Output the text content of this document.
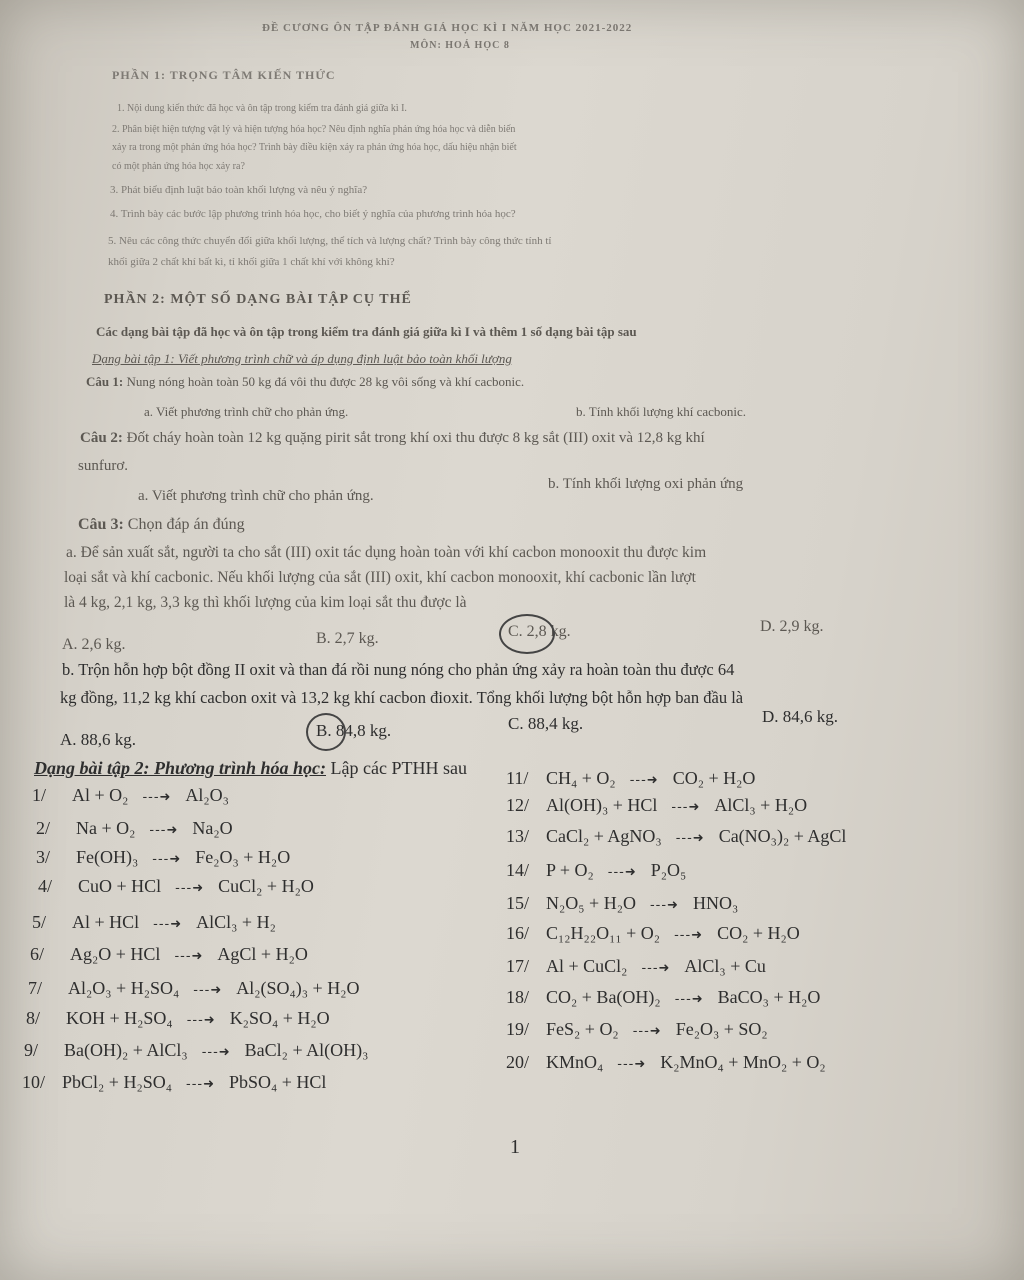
ĐỀ CƯƠNG ÔN TẬP ĐÁNH GIÁ HỌC KÌ I NĂM HỌC 2021-2022
MÔN: HOÁ HỌC 8
PHẦN 1: TRỌNG TÂM KIẾN THỨC
1. Nội dung kiến thức đã học và ôn tập trong kiểm tra đánh giá giữa kì I.
2. Phân biệt hiện tượng vật lý và hiện tượng hóa học? Nêu định nghĩa phản ứng hóa học và diễn biến
xảy ra trong một phản ứng hóa học? Trình bày điều kiện xảy ra phản ứng hóa học, dấu hiệu nhận biết
có một phản ứng hóa học xảy ra?
3. Phát biểu định luật bảo toàn khối lượng và nêu ý nghĩa?
4. Trình bày các bước lập phương trình hóa học, cho biết ý nghĩa của phương trình hóa học?
5. Nêu các công thức chuyển đổi giữa khối lượng, thể tích và lượng chất? Trình bày công thức tính tỉ
khối giữa 2 chất khí bất kì, tỉ khối giữa 1 chất khí với không khí?
PHẦN 2: MỘT SỐ DẠNG BÀI TẬP CỤ THỂ
Các dạng bài tập đã học và ôn tập trong kiểm tra đánh giá giữa kì I và thêm 1 số dạng bài tập sau
Dạng bài tập 1: Viết phương trình chữ và áp dụng định luật bảo toàn khối lượng
Câu 1: Nung nóng hoàn toàn 50 kg đá vôi thu được 28 kg vôi sống và khí cacbonic.
a. Viết phương trình chữ cho phản ứng.	b. Tính khối lượng khí cacbonic.
Câu 2: Đốt cháy hoàn toàn 12 kg quặng pirit sắt trong khí oxi thu được 8 kg sắt (III) oxit và 12,8 kg khí
sunfurơ.
a. Viết phương trình chữ cho phản ứng.
b. Tính khối lượng oxi phản ứng
Câu 3: Chọn đáp án đúng
a. Để sản xuất sắt, người ta cho sắt (III) oxit tác dụng hoàn toàn với khí cacbon monooxit thu được kim
loại sắt và khí cacbonic. Nếu khối lượng của sắt (III) oxit, khí cacbon monooxit, khí cacbonic lần lượt
là 4 kg, 2,1 kg, 3,3 kg thì khối lượng của kim loại sắt thu được là
A. 2,6 kg.	B. 2,7 kg.	C. 2,8 kg.	D. 2,9 kg.
b. Trộn hỗn hợp bột đồng II oxit và than đá rồi nung nóng cho phản ứng xảy ra hoàn toàn thu được 64
kg đồng, 11,2 kg khí cacbon oxit và 13,2 kg khí cacbon đioxit. Tổng khối lượng bột hỗn hợp ban đầu là
A. 88,6 kg.	B. 84,8 kg.	C. 88,4 kg.	D. 84,6 kg.
Dạng bài tập 2: Phương trình hóa học: Lập các PTHH sau
1/	Al + O₂ ---➜ Al₂O₃
2/	Na + O₂ ---➜ Na₂O
3/	Fe(OH)₃ ---➜ Fe₂O₃ + H₂O
4/	CuO + HCl ---➜ CuCl₂ + H₂O
5/	Al + HCl ---➜ AlCl₃ + H₂
6/	Ag₂O + HCl ---➜ AgCl + H₂O
7/	Al₂O₃ + H₂SO₄ ---➜ Al₂(SO₄)₃ + H₂O
8/	KOH + H₂SO₄ ---➜ K₂SO₄ + H₂O
9/	Ba(OH)₂ + AlCl₃ ---➜ BaCl₂ + Al(OH)₃
10/ PbCl₂ + H₂SO₄ ---➜ PbSO₄ + HCl
11/ CH₄ + O₂ ---➜ CO₂ + H₂O
12/ Al(OH)₃ + HCl ---➜ AlCl₃ + H₂O
13/ CaCl₂ + AgNO₃ ---➜ Ca(NO₃)₂ + AgCl
14/ P + O₂ ---➜ P₂O₅
15/ N₂O₅ + H₂O ---➜ HNO₃
16/ C₁₂H₂₂O₁₁ + O₂ ---➜ CO₂ + H₂O
17/ Al + CuCl₂ ---➜ AlCl₃ + Cu
18/ CO₂ + Ba(OH)₂ ---➜ BaCO₃ + H₂O
19/ FeS₂ + O₂ ---➜ Fe₂O₃ + SO₂
20/ KMnO₄ ---➜ K₂MnO₄ + MnO₂ + O₂
1
